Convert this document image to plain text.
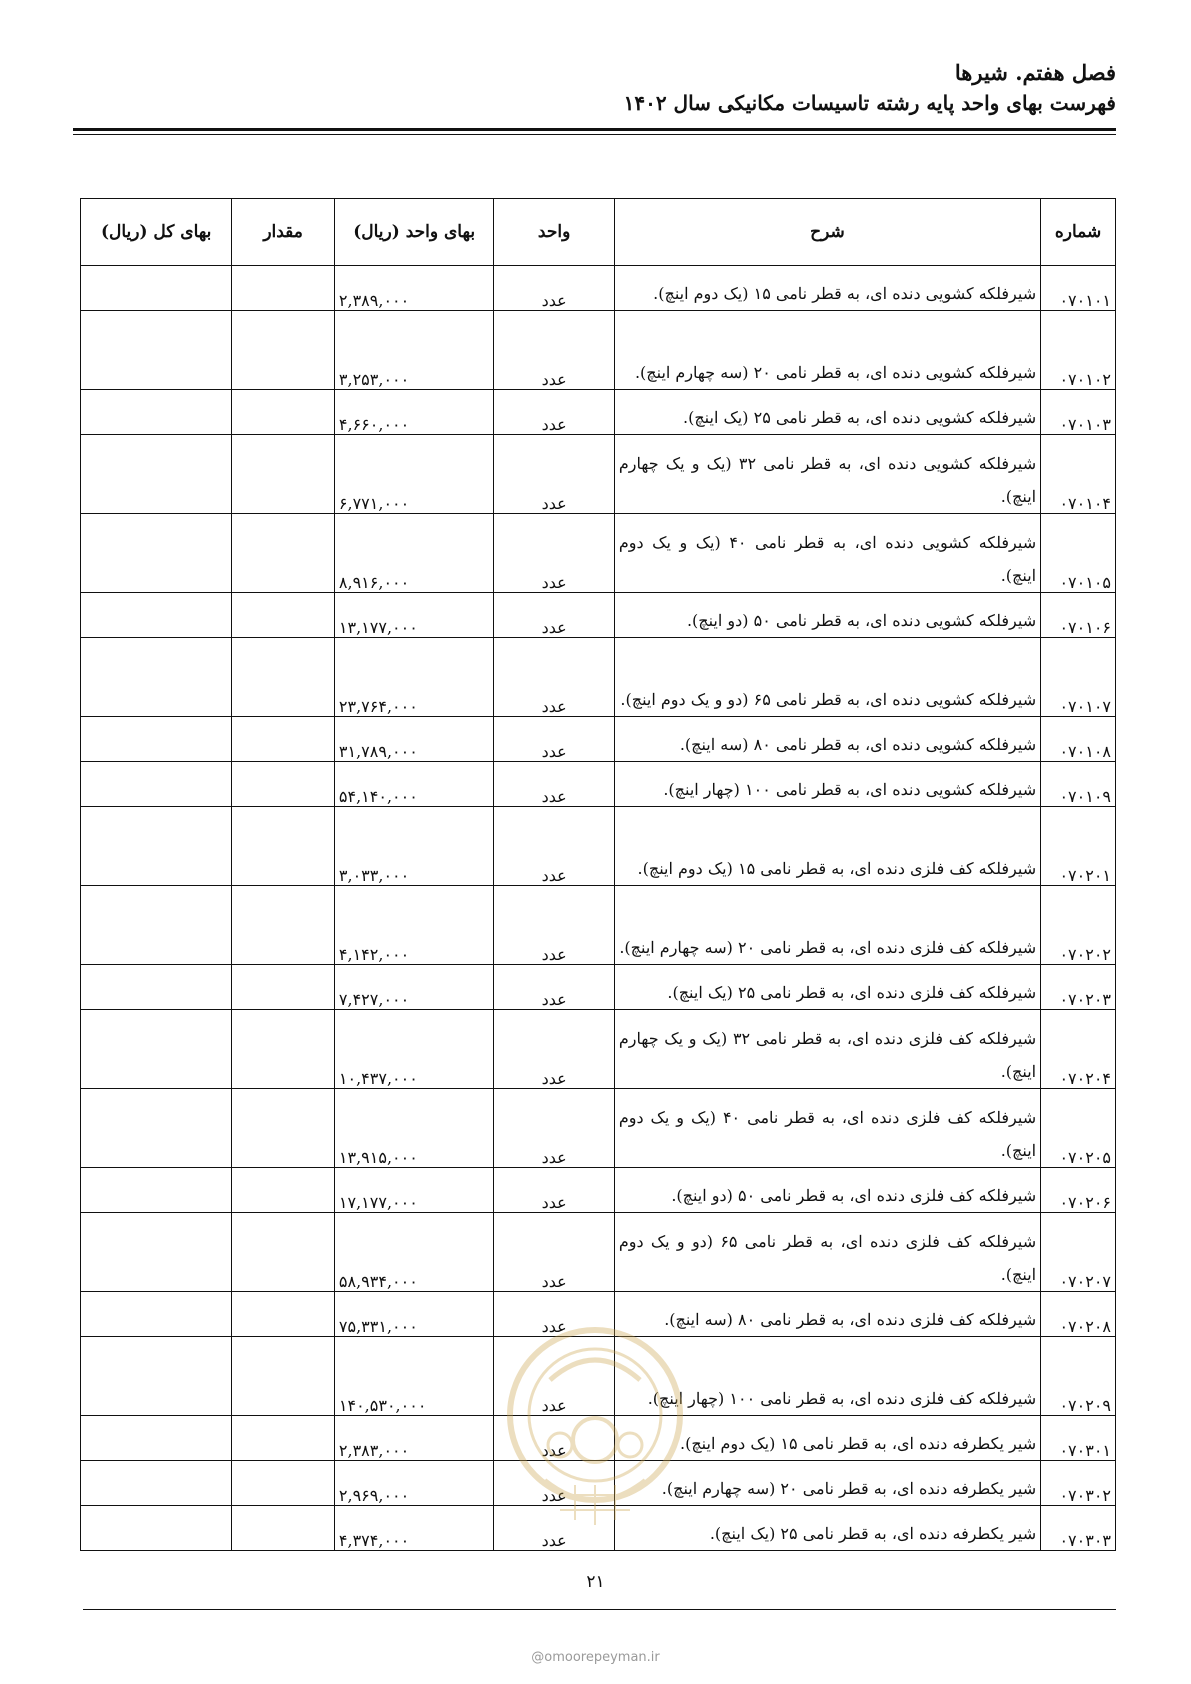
فصل هفتم. شیرها
فهرست بهای واحد پایه رشته تاسیسات مکانیکی سال ۱۴۰۲
شماره	شرح	واحد	بهای واحد (ریال)	مقدار	بهای کل (ریال)
۰۷۰۱۰۱	شیرفلکه کشویی دنده ای، به قطر نامی ۱۵ (یک دوم اینچ).	عدد	۲,۳۸۹,۰۰۰		
۰۷۰۱۰۲	شیرفلکه کشویی دنده ای، به قطر نامی ۲۰ (سه چهارم اینچ).	عدد	۳,۲۵۳,۰۰۰		
۰۷۰۱۰۳	شیرفلکه کشویی دنده ای، به قطر نامی ۲۵ (یک اینچ).	عدد	۴,۶۶۰,۰۰۰		
۰۷۰۱۰۴	شیرفلکه کشویی دنده ای، به قطر نامی ۳۲ (یک و یک چهارم اینچ).	عدد	۶,۷۷۱,۰۰۰		
۰۷۰۱۰۵	شیرفلکه کشویی دنده ای، به قطر نامی ۴۰ (یک و یک دوم اینچ).	عدد	۸,۹۱۶,۰۰۰		
۰۷۰۱۰۶	شیرفلکه کشویی دنده ای، به قطر نامی ۵۰ (دو اینچ).	عدد	۱۳,۱۷۷,۰۰۰		
۰۷۰۱۰۷	شیرفلکه کشویی دنده ای، به قطر نامی ۶۵ (دو و یک دوم اینچ).	عدد	۲۳,۷۶۴,۰۰۰		
۰۷۰۱۰۸	شیرفلکه کشویی دنده ای، به قطر نامی ۸۰ (سه اینچ).	عدد	۳۱,۷۸۹,۰۰۰		
۰۷۰۱۰۹	شیرفلکه کشویی دنده ای، به قطر نامی ۱۰۰ (چهار اینچ).	عدد	۵۴,۱۴۰,۰۰۰		
۰۷۰۲۰۱	شیرفلکه کف فلزی دنده ای، به قطر نامی ۱۵ (یک دوم اینچ).	عدد	۳,۰۳۳,۰۰۰		
۰۷۰۲۰۲	شیرفلکه کف فلزی دنده ای، به قطر نامی ۲۰ (سه چهارم اینچ).	عدد	۴,۱۴۲,۰۰۰		
۰۷۰۲۰۳	شیرفلکه کف فلزی دنده ای، به قطر نامی ۲۵ (یک اینچ).	عدد	۷,۴۲۷,۰۰۰		
۰۷۰۲۰۴	شیرفلکه کف فلزی دنده ای، به قطر نامی ۳۲ (یک و یک چهارم اینچ).	عدد	۱۰,۴۳۷,۰۰۰		
۰۷۰۲۰۵	شیرفلکه کف فلزی دنده ای، به قطر نامی ۴۰ (یک و یک دوم اینچ).	عدد	۱۳,۹۱۵,۰۰۰		
۰۷۰۲۰۶	شیرفلکه کف فلزی دنده ای، به قطر نامی ۵۰ (دو اینچ).	عدد	۱۷,۱۷۷,۰۰۰		
۰۷۰۲۰۷	شیرفلکه کف فلزی دنده ای، به قطر نامی ۶۵ (دو و یک دوم اینچ).	عدد	۵۸,۹۳۴,۰۰۰		
۰۷۰۲۰۸	شیرفلکه کف فلزی دنده ای، به قطر نامی ۸۰ (سه اینچ).	عدد	۷۵,۳۳۱,۰۰۰		
۰۷۰۲۰۹	شیرفلکه کف فلزی دنده ای، به قطر نامی ۱۰۰ (چهار اینچ).	عدد	۱۴۰,۵۳۰,۰۰۰		
۰۷۰۳۰۱	شیر یکطرفه دنده ای، به قطر نامی ۱۵ (یک دوم اینچ).	عدد	۲,۳۸۳,۰۰۰		
۰۷۰۳۰۲	شیر یکطرفه دنده ای، به قطر نامی ۲۰ (سه چهارم اینچ).	عدد	۲,۹۶۹,۰۰۰		
۰۷۰۳۰۳	شیر یکطرفه دنده ای، به قطر نامی ۲۵ (یک اینچ).	عدد	۴,۳۷۴,۰۰۰		
۲۱
@omoorepeyman.ir
